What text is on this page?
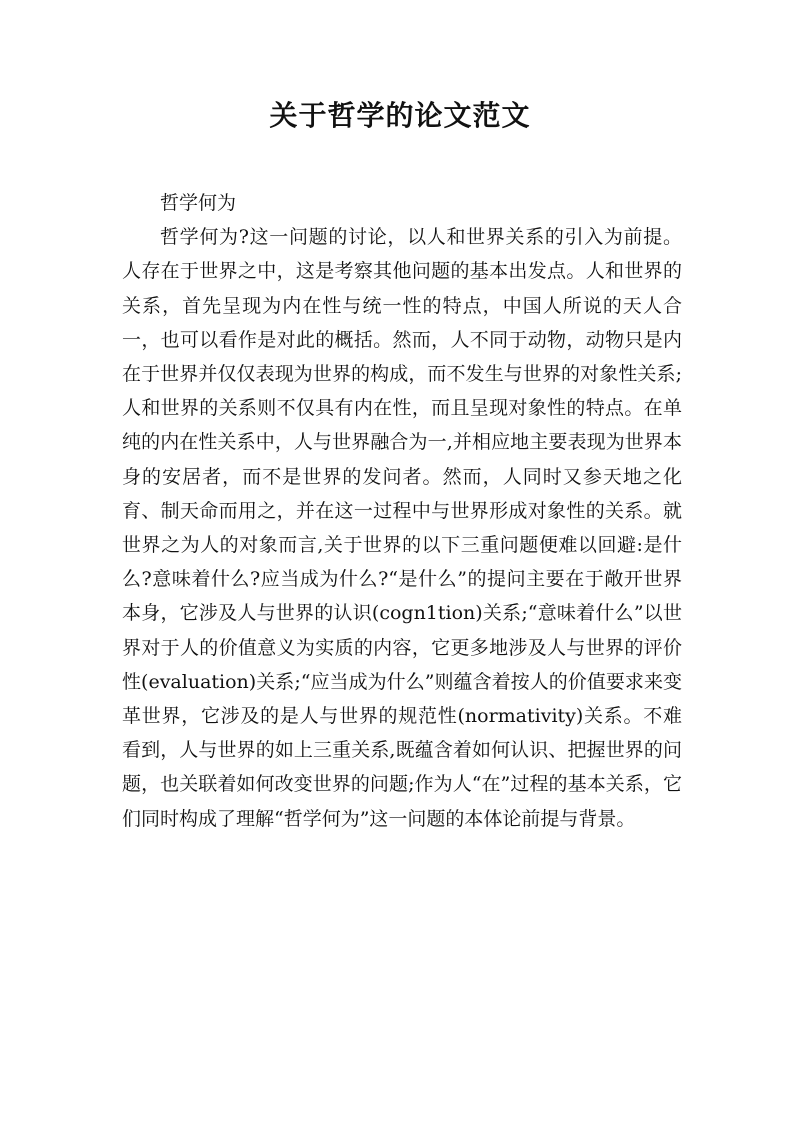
关于哲学的论文范文

哲学何为

哲学何为?这一问题的讨论，以人和世界关系的引入为前提。人存在于世界之中，这是考察其他问题的基本出发点。人和世界的关系，首先呈现为内在性与统一性的特点，中国人所说的天人合一，也可以看作是对此的概括。然而，人不同于动物，动物只是内在于世界并仅仅表现为世界的构成，而不发生与世界的对象性关系;人和世界的关系则不仅具有内在性，而且呈现对象性的特点。在单纯的内在性关系中，人与世界融合为一,并相应地主要表现为世界本身的安居者，而不是世界的发问者。然而，人同时又参天地之化育、制天命而用之，并在这一过程中与世界形成对象性的关系。就世界之为人的对象而言,关于世界的以下三重问题便难以回避:是什么?意味着什么?应当成为什么?“是什么”的提问主要在于敞开世界本身，它涉及人与世界的认识(cogn1tion)关系;“意味着什么”以世界对于人的价值意义为实质的内容，它更多地涉及人与世界的评价性(evaluation)关系;“应当成为什么”则蕴含着按人的价值要求来变革世界，它涉及的是人与世界的规范性(normativity)关系。不难看到，人与世界的如上三重关系,既蕴含着如何认识、把握世界的问题，也关联着如何改变世界的问题;作为人“在”过程的基本关系，它们同时构成了理解“哲学何为”这一问题的本体论前提与背景。
